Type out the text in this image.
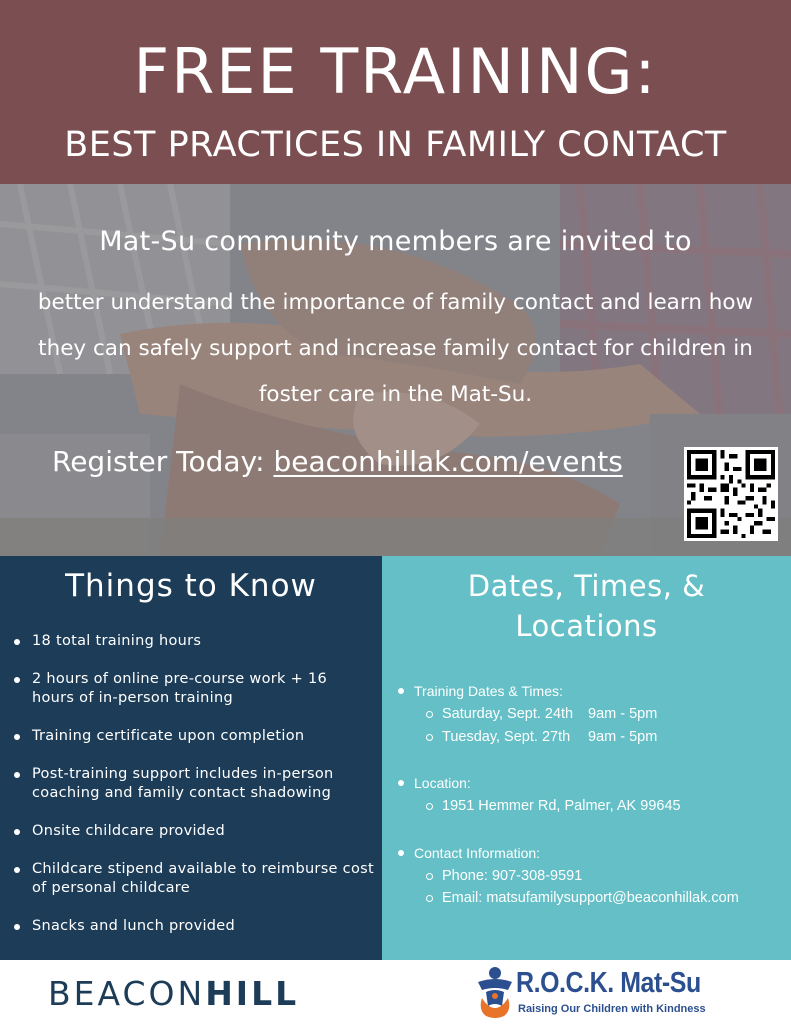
FREE TRAINING:
BEST PRACTICES IN FAMILY CONTACT
Mat-Su community members are invited to
better understand the importance of family contact and learn how they can safely support and increase family contact for children in foster care in the Mat-Su.
Register Today: beaconhillak.com/events
Things to Know
18 total training hours
2 hours of online pre-course work + 16 hours of in-person training
Training certificate upon completion
Post-training support includes in-person coaching and family contact shadowing
Onsite childcare provided
Childcare stipend available to reimburse cost of personal childcare
Snacks and lunch provided
Dates, Times, &
Locations
Training Dates & Times:
Saturday, Sept. 24th 9am - 5pm
Tuesday, Sept. 27th 9am - 5pm
Location:
1951 Hemmer Rd, Palmer, AK 99645
Contact Information:
Phone: 907-308-9591
Email: matsufamilysupport@beaconhillak.com
BEACONHILL	R.O.C.K. Mat-Su
Raising Our Children with Kindness
